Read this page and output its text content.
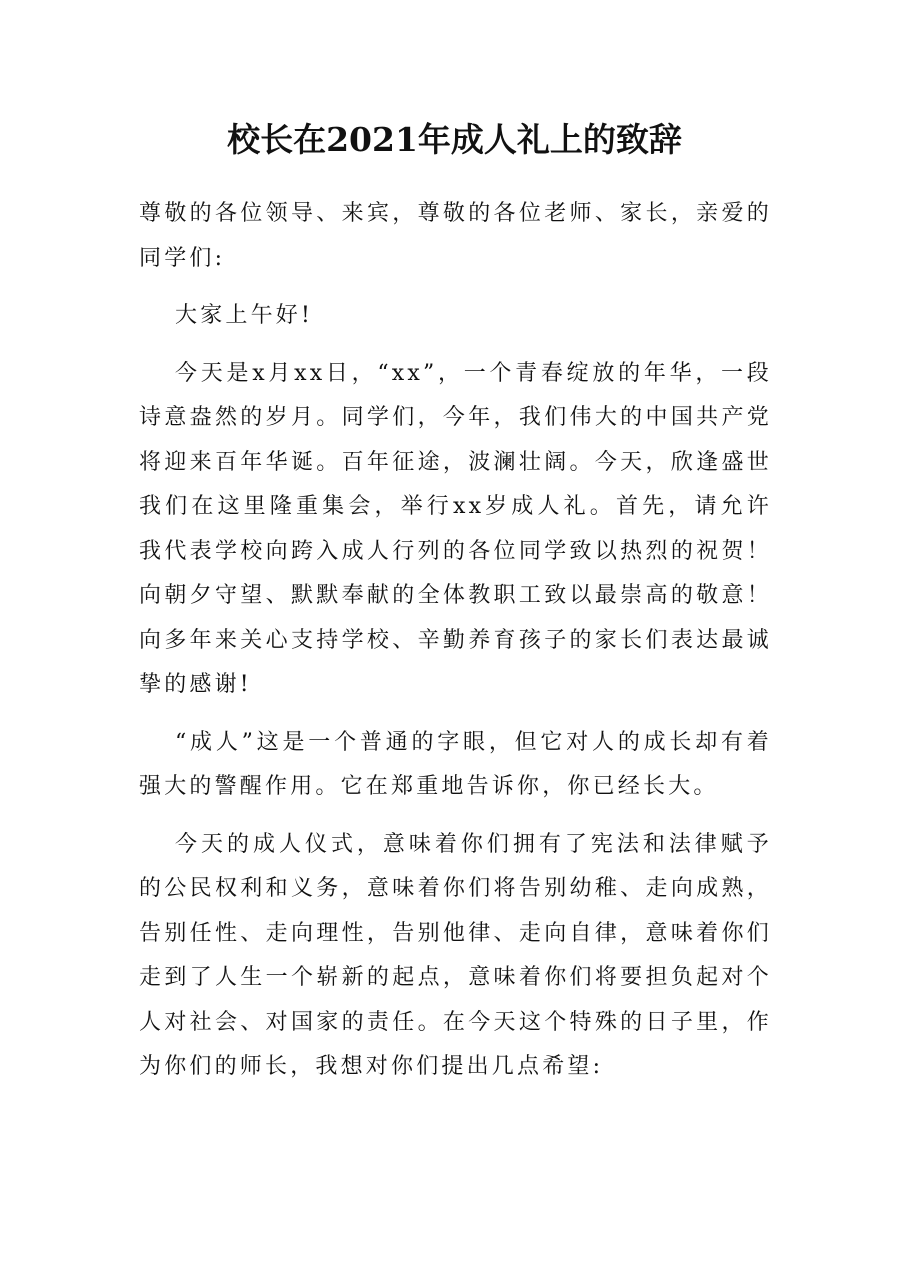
校长在2021年成人礼上的致辞

尊敬的各位领导、来宾，尊敬的各位老师、家长，亲爱的同学们:

大家上午好!

今天是x月xx日，“xx”，一个青春绽放的年华，一段诗意盎然的岁月。同学们，今年，我们伟大的中国共产党将迎来百年华诞。百年征途，波澜壮阔。今天，欣逢盛世我们在这里隆重集会，举行xx岁成人礼。首先，请允许我代表学校向跨入成人行列的各位同学致以热烈的祝贺！向朝夕守望、默默奉献的全体教职工致以最崇高的敬意！向多年来关心支持学校、辛勤养育孩子的家长们表达最诚挚的感谢!

“成人”这是一个普通的字眼，但它对人的成长却有着强大的警醒作用。它在郑重地告诉你，你已经长大。

今天的成人仪式，意味着你们拥有了宪法和法律赋予的公民权利和义务，意味着你们将告别幼稚、走向成熟，告别任性、走向理性，告别他律、走向自律，意味着你们走到了人生一个崭新的起点，意味着你们将要担负起对个人对社会、对国家的责任。在今天这个特殊的日子里，作为你们的师长，我想对你们提出几点希望:
